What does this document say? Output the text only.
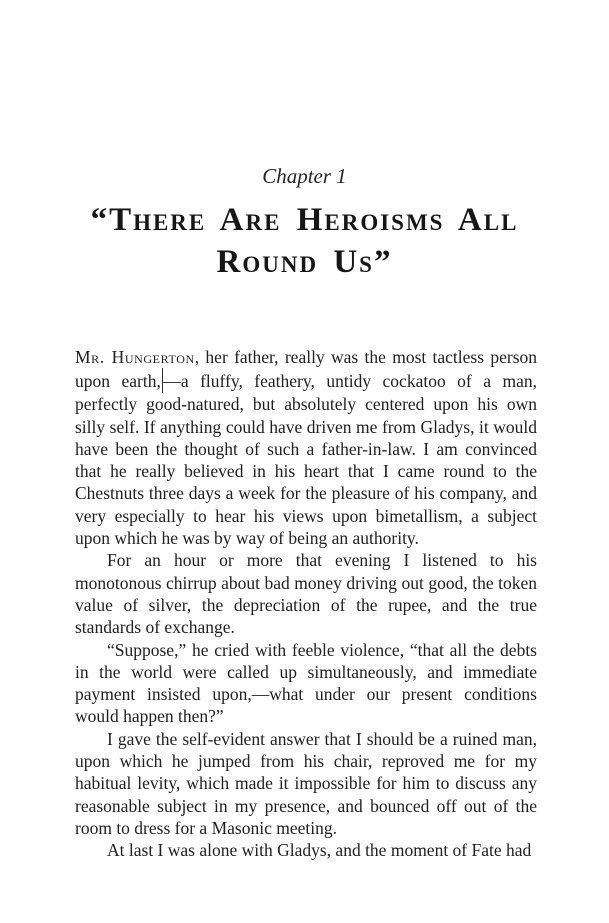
Chapter 1
“There Are Heroisms All
Round Us”

Mr. Hungerton, her father, really was the most tactless person upon earth, —a fluffy, feathery, untidy cockatoo of a man, perfectly good-natured, but absolutely centered upon his own silly self. If anything could have driven me from Gladys, it would have been the thought of such a father-in-law. I am convinced that he really believed in his heart that I came round to the Chestnuts three days a week for the pleasure of his company, and very especially to hear his views upon bimetallism, a subject upon which he was by way of being an authority.

For an hour or more that evening I listened to his monotonous chirrup about bad money driving out good, the token value of silver, the depreciation of the rupee, and the true standards of exchange.

“Suppose,” he cried with feeble violence, “that all the debts in the world were called up simultaneously, and immediate payment insisted upon,—what under our present conditions would happen then?”

I gave the self-evident answer that I should be a ruined man, upon which he jumped from his chair, reproved me for my habitual levity, which made it impossible for him to discuss any reasonable subject in my presence, and bounced off out of the room to dress for a Masonic meeting.

At last I was alone with Gladys, and the moment of Fate had
